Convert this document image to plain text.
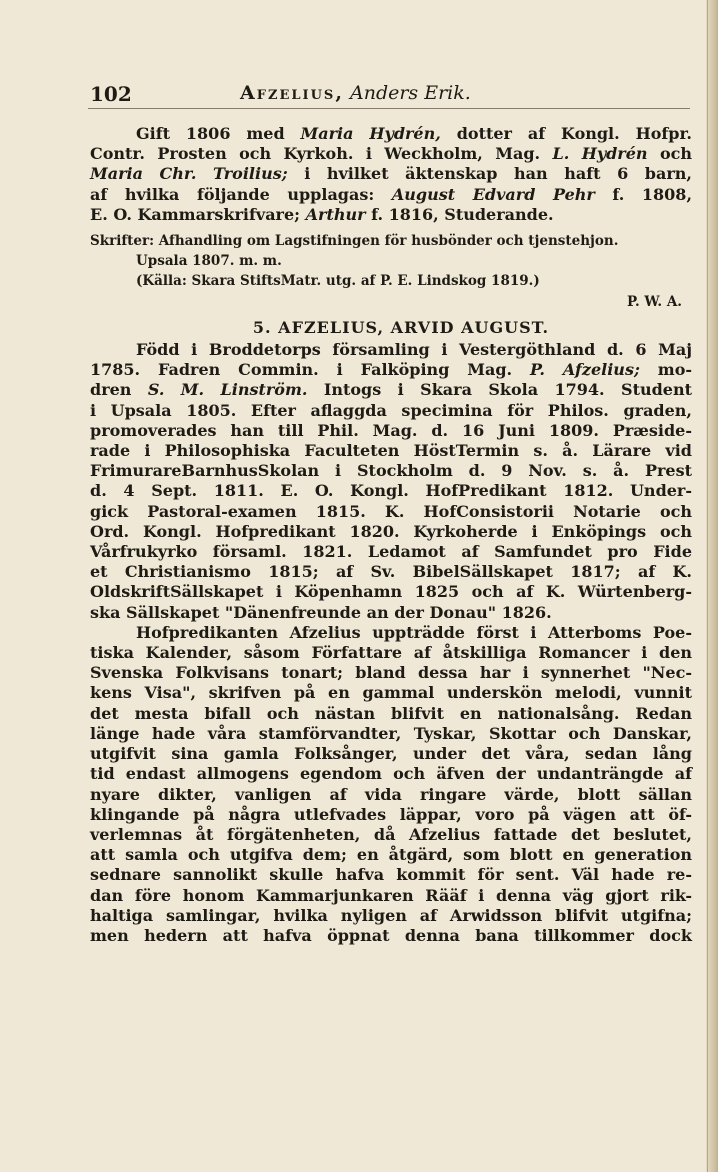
102	Afzelius, Anders Erik.
Gift 1806 med Maria Hydrén, dotter af Kongl. Hofpr.
Contr. Prosten och Kyrkoh. i Weckholm, Mag. L. Hydrén och
Maria Chr. Troilius; i hvilket äktenskap han haft 6 barn,
af hvilka följande upplagas: August Edvard Pehr f. 1808,
E. O. Kammarskrifvare; Arthur f. 1816, Studerande.
Skrifter: Afhandling om Lagstifningen för husbönder och tjenstehjon.
Upsala 1807. m. m.
(Källa: Skara StiftsMatr. utg. af P. E. Lindskog 1819.)
P. W. A.
5. AFZELIUS, ARVID AUGUST.
Född i Broddetorps församling i Vestergöthland d. 6 Maj
1785. Fadren Commin. i Falköping Mag. P. Afzelius; mo-
dren S. M. Linström. Intogs i Skara Skola 1794. Student
i Upsala 1805. Efter aflaggda specimina för Philos. graden,
promoverades han till Phil. Mag. d. 16 Juni 1809. Præside-
rade i Philosophiska Faculteten HöstTermin s. å. Lärare vid
FrimurareBarnhusSkolan i Stockholm d. 9 Nov. s. å. Prest
d. 4 Sept. 1811. E. O. Kongl. HofPredikant 1812. Under-
gick Pastoral-examen 1815. K. HofConsistorii Notarie och
Ord. Kongl. Hofpredikant 1820. Kyrkoherde i Enköpings och
Vårfrukyrko församl. 1821. Ledamot af Samfundet pro Fide
et Christianismo 1815; af Sv. BibelSällskapet 1817; af K.
OldskriftSällskapet i Köpenhamn 1825 och af K. Würtenberg-
ska Sällskapet "Dänenfreunde an der Donau" 1826.
Hofpredikanten Afzelius uppträdde först i Atterboms Poe-
tiska Kalender, såsom Författare af åtskilliga Romancer i den
Svenska Folkvisans tonart; bland dessa har i synnerhet "Nec-
kens Visa", skrifven på en gammal underskön melodi, vunnit
det mesta bifall och nästan blifvit en nationalsång. Redan
länge hade våra stamförvandter, Tyskar, Skottar och Danskar,
utgifvit sina gamla Folksånger, under det våra, sedan lång
tid endast allmogens egendom och äfven der undanträngde af
nyare dikter, vanligen af vida ringare värde, blott sällan
klingande på några utlefvades läppar, voro på vägen att öf-
verlemnas åt förgätenheten, då Afzelius fattade det beslutet,
att samla och utgifva dem; en åtgärd, som blott en generation
sednare sannolikt skulle hafva kommit för sent. Väl hade re-
dan före honom Kammarjunkaren Rääf i denna väg gjort rik-
haltiga samlingar, hvilka nyligen af Arwidsson blifvit utgifna;
men hedern att hafva öppnat denna bana tillkommer dock
